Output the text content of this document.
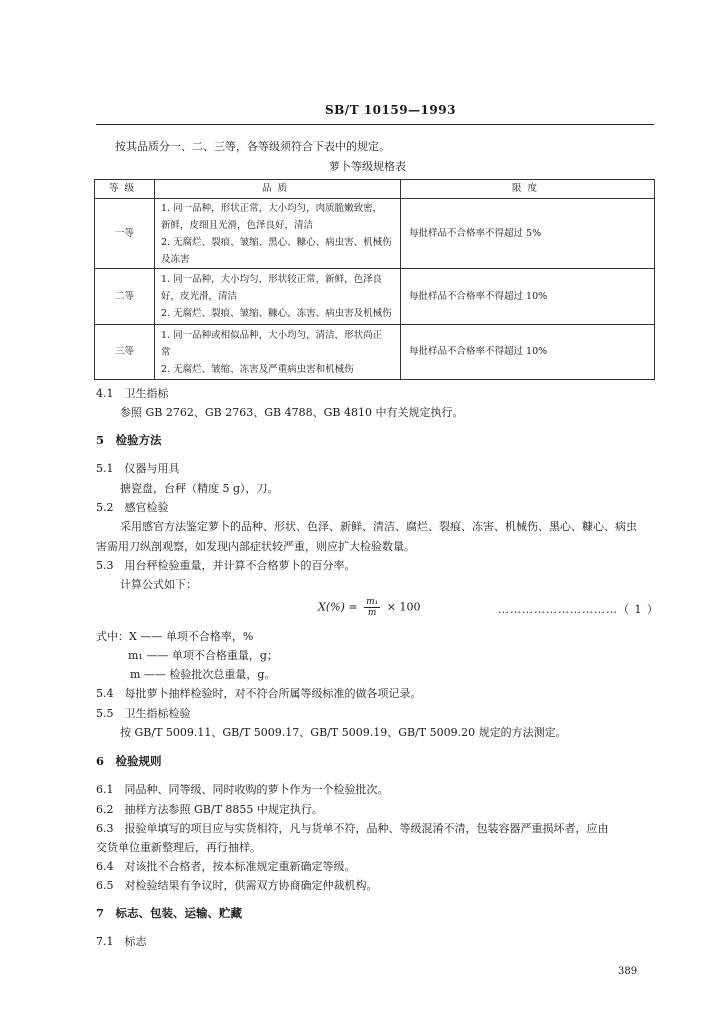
SB/T 10159—1993
按其品质分一、二、三等，各等级须符合下表中的规定。
萝卜等级规格表
等级	品质	限度
一等	1. 同一品种，形状正常，大小均匀，肉质脆嫩致密，
新鲜，皮细且光滑，色泽良好，清洁
2. 无腐烂、裂痕、皱缩、黑心、糠心、病虫害、机械伤
及冻害	每批样品不合格率不得超过 5%
二等	1. 同一品种，大小均匀，形状较正常，新鲜，色泽良
好，皮光滑，清洁
2. 无腐烂、裂痕、皱缩、糠心、冻害、病虫害及机械伤	每批样品不合格率不得超过 10%
三等	1. 同一品种或相似品种，大小均匀，清洁，形状尚正
常
2. 无腐烂、皱缩、冻害及严重病虫害和机械伤	每批样品不合格率不得超过 10%
4.1　卫生指标
参照 GB 2762、GB 2763、GB 4788、GB 4810 中有关规定执行。
5　检验方法
5.1　仪器与用具
搪瓷盘，台秤（精度 5 g），刀。
5.2　感官检验
采用感官方法鉴定萝卜的品种、形状、色泽、新鲜、清洁、腐烂、裂痕、冻害、机械伤、黑心、糠心、病虫
害需用刀纵剖观察，如发现内部症状较严重，则应扩大检验数量。
5.3　用台秤检验重量，并计算不合格萝卜的百分率。
计算公式如下：
$X(\%) = \frac{\text{m₁}}{m} \times 100$	…………………………（ 1 ）
式中：X —— 单项不合格率，%
m₁ —— 单项不合格重量，g；
m —— 检验批次总重量，g。
5.4　每批萝卜抽样检验时，对不符合所属等级标准的做各项记录。
5.5　卫生指标检验
按 GB/T 5009.11、GB/T 5009.17、GB/T 5009.19、GB/T 5009.20 规定的方法测定。
6　检验规则
6.1　同品种、同等级、同时收购的萝卜作为一个检验批次。
6.2　抽样方法参照 GB/T 8855 中规定执行。
6.3　报验单填写的项目应与实货相符，凡与货单不符，品种、等级混淆不清，包装容器严重损坏者，应由
交货单位重新整理后，再行抽样。
6.4　对该批不合格者，按本标准规定重新确定等级。
6.5　对检验结果有争议时，供需双方协商确定仲裁机构。
7　标志、包装、运输、贮藏
7.1　标志
389
